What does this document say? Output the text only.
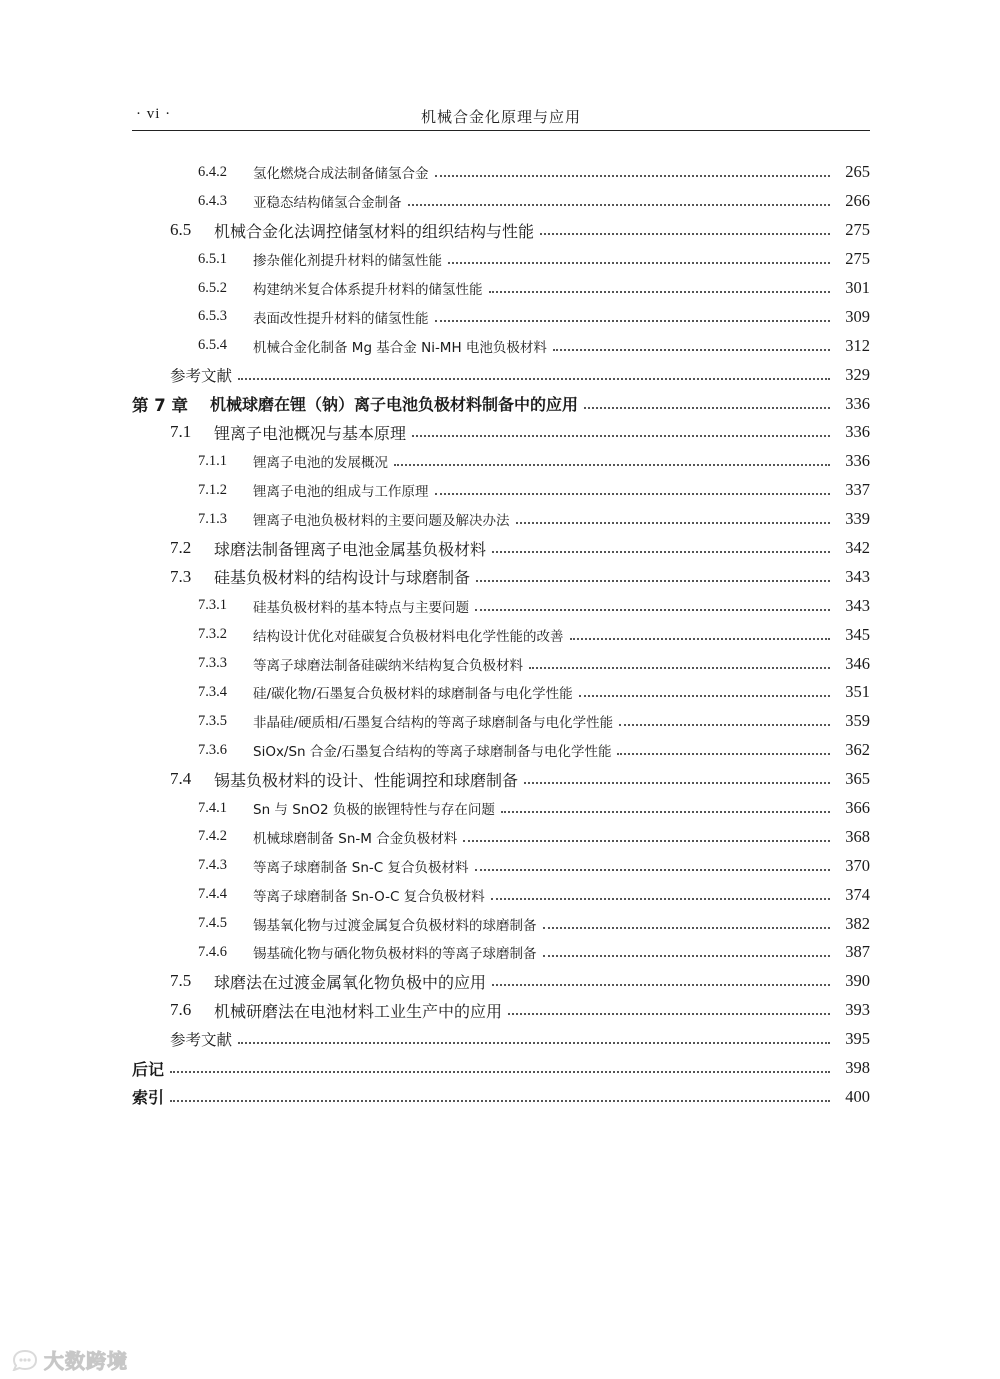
· vi ·	机械合金化原理与应用
6.4.2	氢化燃烧合成法制备储氢合金	265
6.4.3	亚稳态结构储氢合金制备	266
6.5	机械合金化法调控储氢材料的组织结构与性能	275
6.5.1	掺杂催化剂提升材料的储氢性能	275
6.5.2	构建纳米复合体系提升材料的储氢性能	301
6.5.3	表面改性提升材料的储氢性能	309
6.5.4	机械合金化制备 Mg 基合金 Ni-MH 电池负极材料	312
参考文献	329
第 7 章	机械球磨在锂（钠）离子电池负极材料制备中的应用	336
7.1	锂离子电池概况与基本原理	336
7.1.1	锂离子电池的发展概况	336
7.1.2	锂离子电池的组成与工作原理	337
7.1.3	锂离子电池负极材料的主要问题及解决办法	339
7.2	球磨法制备锂离子电池金属基负极材料	342
7.3	硅基负极材料的结构设计与球磨制备	343
7.3.1	硅基负极材料的基本特点与主要问题	343
7.3.2	结构设计优化对硅碳复合负极材料电化学性能的改善	345
7.3.3	等离子球磨法制备硅碳纳米结构复合负极材料	346
7.3.4	硅/碳化物/石墨复合负极材料的球磨制备与电化学性能	351
7.3.5	非晶硅/硬质相/石墨复合结构的等离子球磨制备与电化学性能	359
7.3.6	SiOx/Sn 合金/石墨复合结构的等离子球磨制备与电化学性能	362
7.4	锡基负极材料的设计、性能调控和球磨制备	365
7.4.1	Sn 与 SnO2 负极的嵌锂特性与存在问题	366
7.4.2	机械球磨制备 Sn-M 合金负极材料	368
7.4.3	等离子球磨制备 Sn-C 复合负极材料	370
7.4.4	等离子球磨制备 Sn-O-C 复合负极材料	374
7.4.5	锡基氧化物与过渡金属复合负极材料的球磨制备	382
7.4.6	锡基硫化物与硒化物负极材料的等离子球磨制备	387
7.5	球磨法在过渡金属氧化物负极中的应用	390
7.6	机械研磨法在电池材料工业生产中的应用	393
参考文献	395
后记	398
索引	400
大数跨境
